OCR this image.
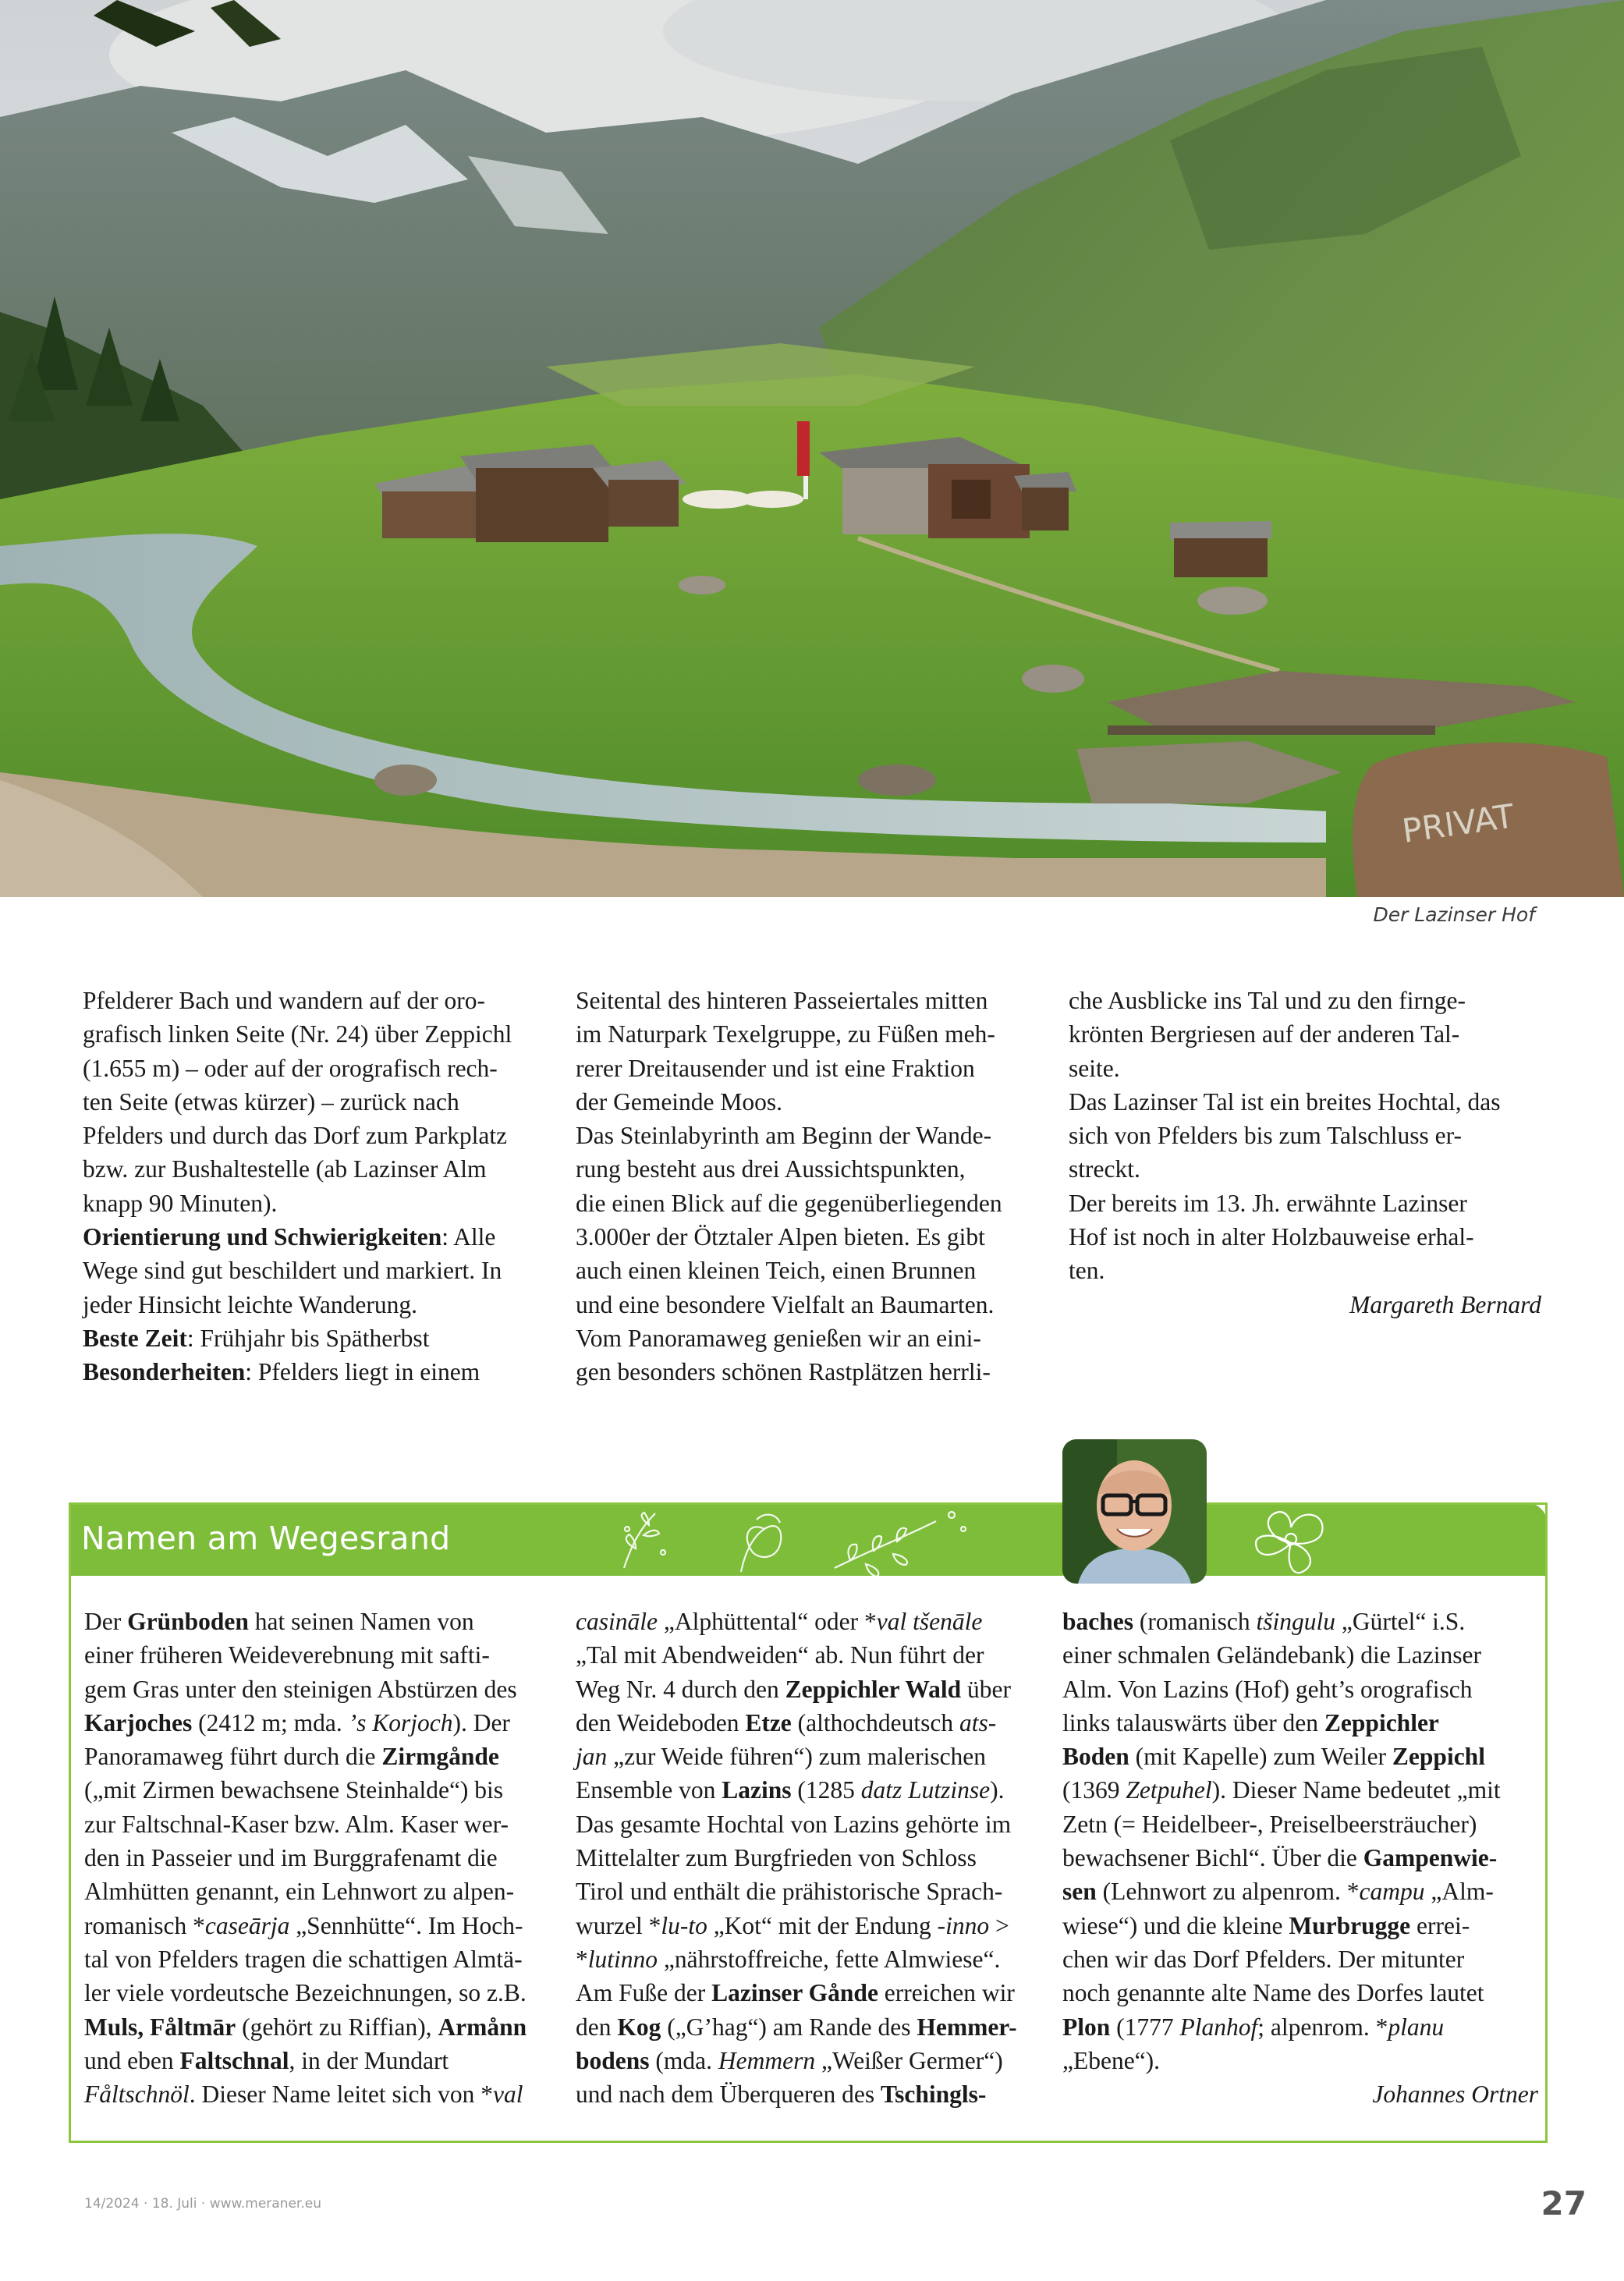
PRIVAT
Der Lazinser Hof
Pfelderer Bach und wandern auf der oro-
grafisch linken Seite (Nr. 24) über Zeppichl
(1.655 m) – oder auf der orografisch rech-
ten Seite (etwas kürzer) – zurück nach
Pfelders und durch das Dorf zum Parkplatz
bzw. zur Bushaltestelle (ab Lazinser Alm
knapp 90 Minuten).

Orientierung und Schwierigkeiten: Alle
Wege sind gut beschildert und markiert. In
jeder Hinsicht leichte Wanderung.

Beste Zeit: Frühjahr bis Spätherbst

Besonderheiten: Pfelders liegt in einem

Seitental des hinteren Passeiertales mitten
im Naturpark Texelgruppe, zu Füßen meh-
rerer Dreitausender und ist eine Fraktion
der Gemeinde Moos.
Das Steinlabyrinth am Beginn der Wande-
rung besteht aus drei Aussichtspunkten,
die einen Blick auf die gegenüberliegenden
3.000er der Ötztaler Alpen bieten. Es gibt
auch einen kleinen Teich, einen Brunnen
und eine besondere Vielfalt an Baumarten.
Vom Panoramaweg genießen wir an eini-
gen besonders schönen Rastplätzen herrli-
che Ausblicke ins Tal und zu den firnge-
krönten Bergriesen auf der anderen Tal-
seite.
Das Lazinser Tal ist ein breites Hochtal, das
sich von Pfelders bis zum Talschluss er-
streckt.
Der bereits im 13. Jh. erwähnte Lazinser
Hof ist noch in alter Holzbauweise erhal-
ten.

Margareth Bernard

Namen am Wegesrand
Der Grünboden hat seinen Namen von
einer früheren Weideverebnung mit safti-
gem Gras unter den steinigen Abstürzen des
Karjoches (2412 m; mda. ʼs Korjoch). Der
Panoramaweg führt durch die Zirmgånde
(„mit Zirmen bewachsene Steinhalde“) bis
zur Faltschnal-Kaser bzw. Alm. Kaser wer-
den in Passeier und im Burggrafenamt die
Almhütten genannt, ein Lehnwort zu alpen-
romanisch *caseārja „Sennhütte“. Im Hoch-
tal von Pfelders tragen die schattigen Almtä-
ler viele vordeutsche Bezeichnungen, so z.B.
Muls, Fåltmār (gehört zu Riffian), Armånn
und eben Faltschnal, in der Mundart
Fåltschnöl. Dieser Name leitet sich von *val
casināle „Alphüttental“ oder *val tšenāle
„Tal mit Abendweiden“ ab. Nun führt der
Weg Nr. 4 durch den Zeppichler Wald über
den Weideboden Etze (althochdeutsch ats-
jan „zur Weide führen“) zum malerischen
Ensemble von Lazins (1285 datz Lutzinse).
Das gesamte Hochtal von Lazins gehörte im
Mittelalter zum Burgfrieden von Schloss
Tirol und enthält die prähistorische Sprach-
wurzel *lu-to „Kot“ mit der Endung -inno >
*lutinno „nährstoffreiche, fette Almwiese“.
Am Fuße der Lazinser Gånde erreichen wir
den Kog („Gʼhag“) am Rande des Hemmer-
bodens (mda. Hemmern „Weißer Germer“)
und nach dem Überqueren des Tschingls-
baches (romanisch tšingulu „Gürtel“ i.S.
einer schmalen Geländebank) die Lazinser
Alm. Von Lazins (Hof) geht’s orografisch
links talauswärts über den Zeppichler
Boden (mit Kapelle) zum Weiler Zeppichl
(1369 Zetpuhel). Dieser Name bedeutet „mit
Zetn (= Heidelbeer-, Preiselbeersträucher)
bewachsener Bichl“. Über die Gampenwie-
sen (Lehnwort zu alpenrom. *campu „Alm-
wiese“) und die kleine Murbrugge errei-
chen wir das Dorf Pfelders. Der mitunter
noch genannte alte Name des Dorfes lautet
Plon (1777 Planhof; alpenrom. *planu
„Ebene“).

Johannes Ortner

14/2024 · 18. Juli · www.meraner.eu	27
